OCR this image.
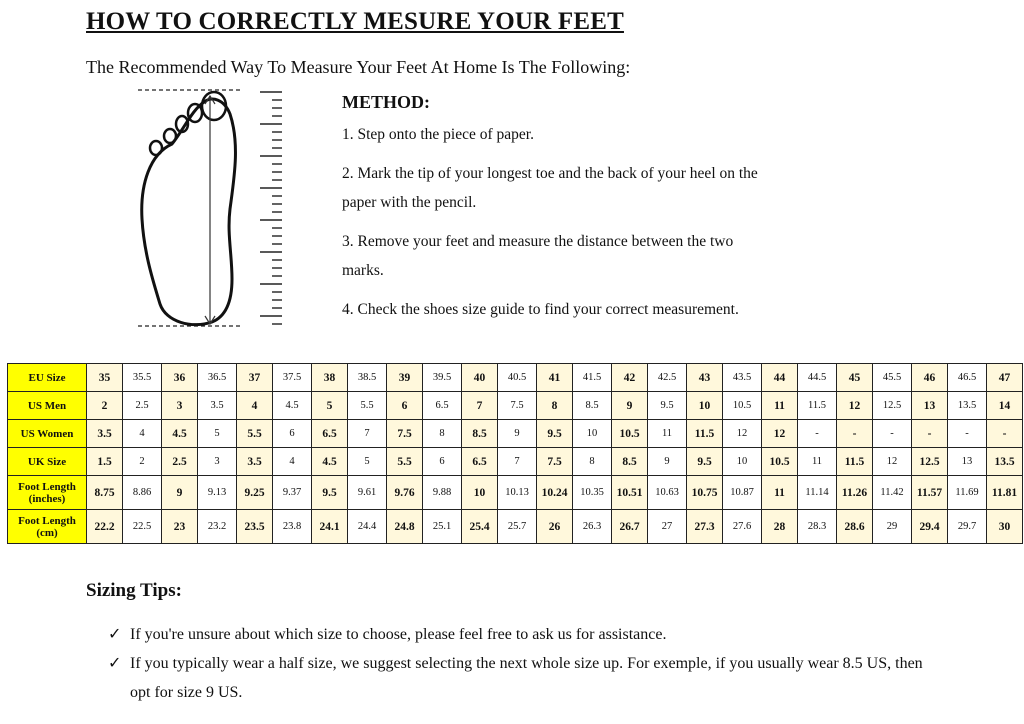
HOW TO CORRECTLY MESURE YOUR FEET
The Recommended Way To Measure Your Feet At Home Is The Following:
METHOD:
1. Step onto the piece of paper.
2. Mark the tip of your longest toe and the back of your heel on the paper with the pencil.
3. Remove your feet and measure the distance between the two marks.
4. Check the shoes size guide to find your correct measurement.
EU Size	35	35.5	36	36.5	37	37.5	38	38.5	39	39.5	40	40.5	41	41.5	42	42.5	43	43.5	44	44.5	45	45.5	46	46.5	47
US Men	2	2.5	3	3.5	4	4.5	5	5.5	6	6.5	7	7.5	8	8.5	9	9.5	10	10.5	11	11.5	12	12.5	13	13.5	14
US Women	3.5	4	4.5	5	5.5	6	6.5	7	7.5	8	8.5	9	9.5	10	10.5	11	11.5	12	12	-	-	-	-	-	-
UK Size	1.5	2	2.5	3	3.5	4	4.5	5	5.5	6	6.5	7	7.5	8	8.5	9	9.5	10	10.5	11	11.5	12	12.5	13	13.5
Foot Length (inches)	8.75	8.86	9	9.13	9.25	9.37	9.5	9.61	9.76	9.88	10	10.13	10.24	10.35	10.51	10.63	10.75	10.87	11	11.14	11.26	11.42	11.57	11.69	11.81
Foot Length (cm)	22.2	22.5	23	23.2	23.5	23.8	24.1	24.4	24.8	25.1	25.4	25.7	26	26.3	26.7	27	27.3	27.6	28	28.3	28.6	29	29.4	29.7	30
Sizing Tips:
✓ If you're unsure about which size to choose, please feel free to ask us for assistance.
✓ If you typically wear a half size, we suggest selecting the next whole size up. For exemple, if you usually wear 8.5 US, then opt for size 9 US.
